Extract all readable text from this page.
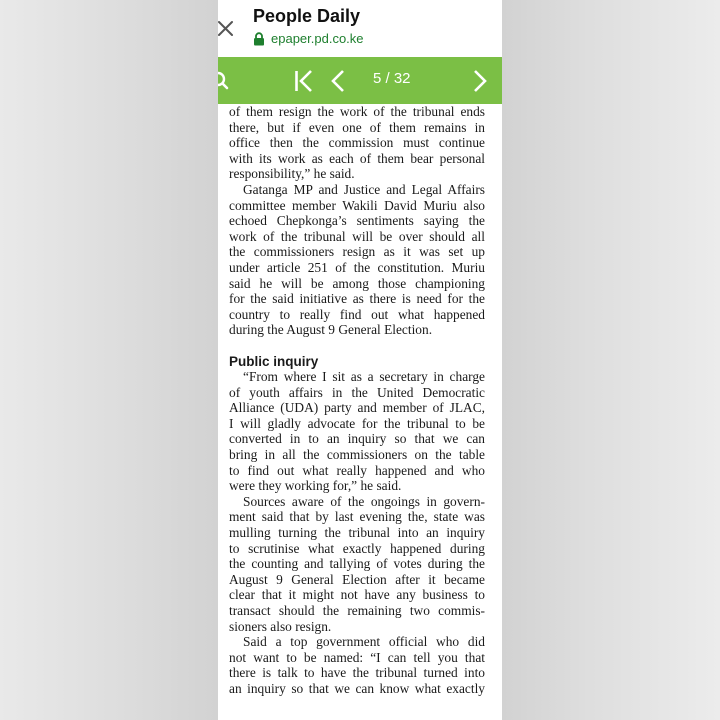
People Daily
epaper.pd.co.ke
5 / 32
of them resign the work of the tribunal ends
there, but if even one of them remains in
office then the commission must continue
with its work as each of them bear personal
responsibility,” he said.
Gatanga MP and Justice and Legal Affairs
committee member Wakili David Muriu also
echoed Chepkonga’s sentiments saying the
work of the tribunal will be over should all
the commissioners resign as it was set up
under article 251 of the constitution. Muriu
said he will be among those championing
for the said initiative as there is need for the
country to really find out what happened
during the August 9 General Election.
Public inquiry
“From where I sit as a secretary in charge
of youth affairs in the United Democratic
Alliance (UDA) party and member of JLAC,
I will gladly advocate for the tribunal to be
converted in to an inquiry so that we can
bring in all the commissioners on the table
to find out what really happened and who
were they working for,” he said.
Sources aware of the ongoings in govern-
ment said that by last evening the, state was
mulling turning the tribunal into an inquiry
to scrutinise what exactly happened during
the counting and tallying of votes during the
August 9 General Election after it became
clear that it might not have any business to
transact should the remaining two commis-
sioners also resign.
Said a top government official who did
not want to be named: “I can tell you that
there is talk to have the tribunal turned into
an inquiry so that we can know what exactly
